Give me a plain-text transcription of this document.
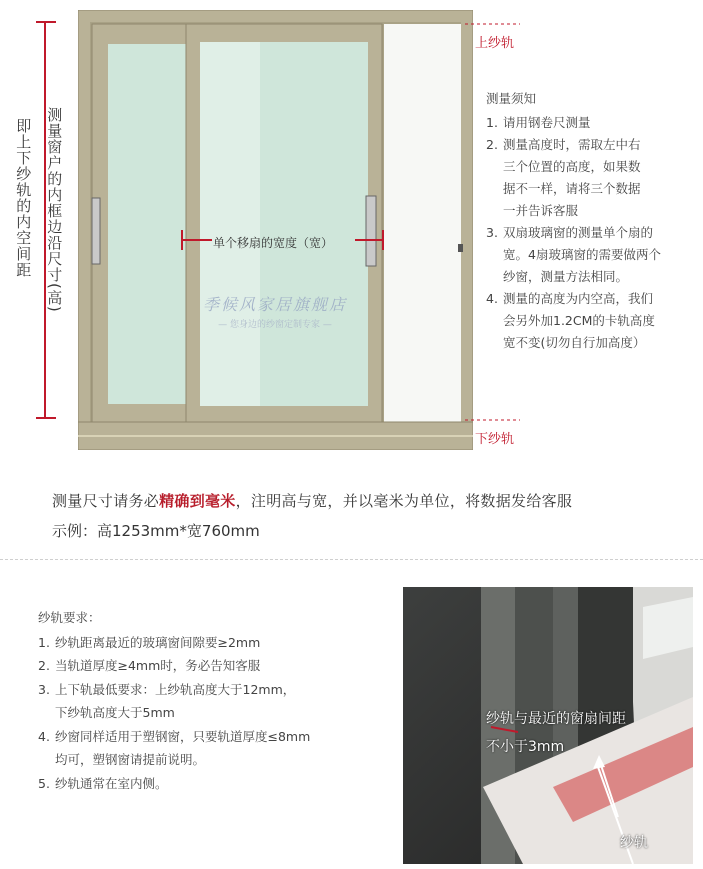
即上下纱轨的内空间距 测量窗户的内框边沿尺寸(高)	单个移扇的宽度（宽）
上纱轨
下纱轨
季候风家居旗舰店
— 您身边的纱窗定制专家 —
测量须知
1. 请用钢卷尺测量
2. 测量高度时，需取左中右
三个位置的高度，如果数
据不一样，请将三个数据
一并告诉客服
3. 双扇玻璃窗的测量单个扇的
宽。4扇玻璃窗的需要做两个
纱窗，测量方法相同。
4. 测量的高度为内空高，我们
会另外加1.2CM的卡轨高度
宽不变(切勿自行加高度）
测量尺寸请务必精确到毫米，注明高与宽，并以毫米为单位，将数据发给客服
示例：高1253mm*宽760mm
纱轨要求：
1. 纱轨距离最近的玻璃窗间隙要≥2mm
2. 当轨道厚度≥4mm时，务必告知客服
3. 上下轨最低要求：上纱轨高度大于12mm，
下纱轨高度大于5mm
4. 纱窗同样适用于塑钢窗，只要轨道厚度≤8mm
均可，塑钢窗请提前说明。
5. 纱轨通常在室内侧。
纱轨与最近的窗扇间距
不小于3mm
纱轨
